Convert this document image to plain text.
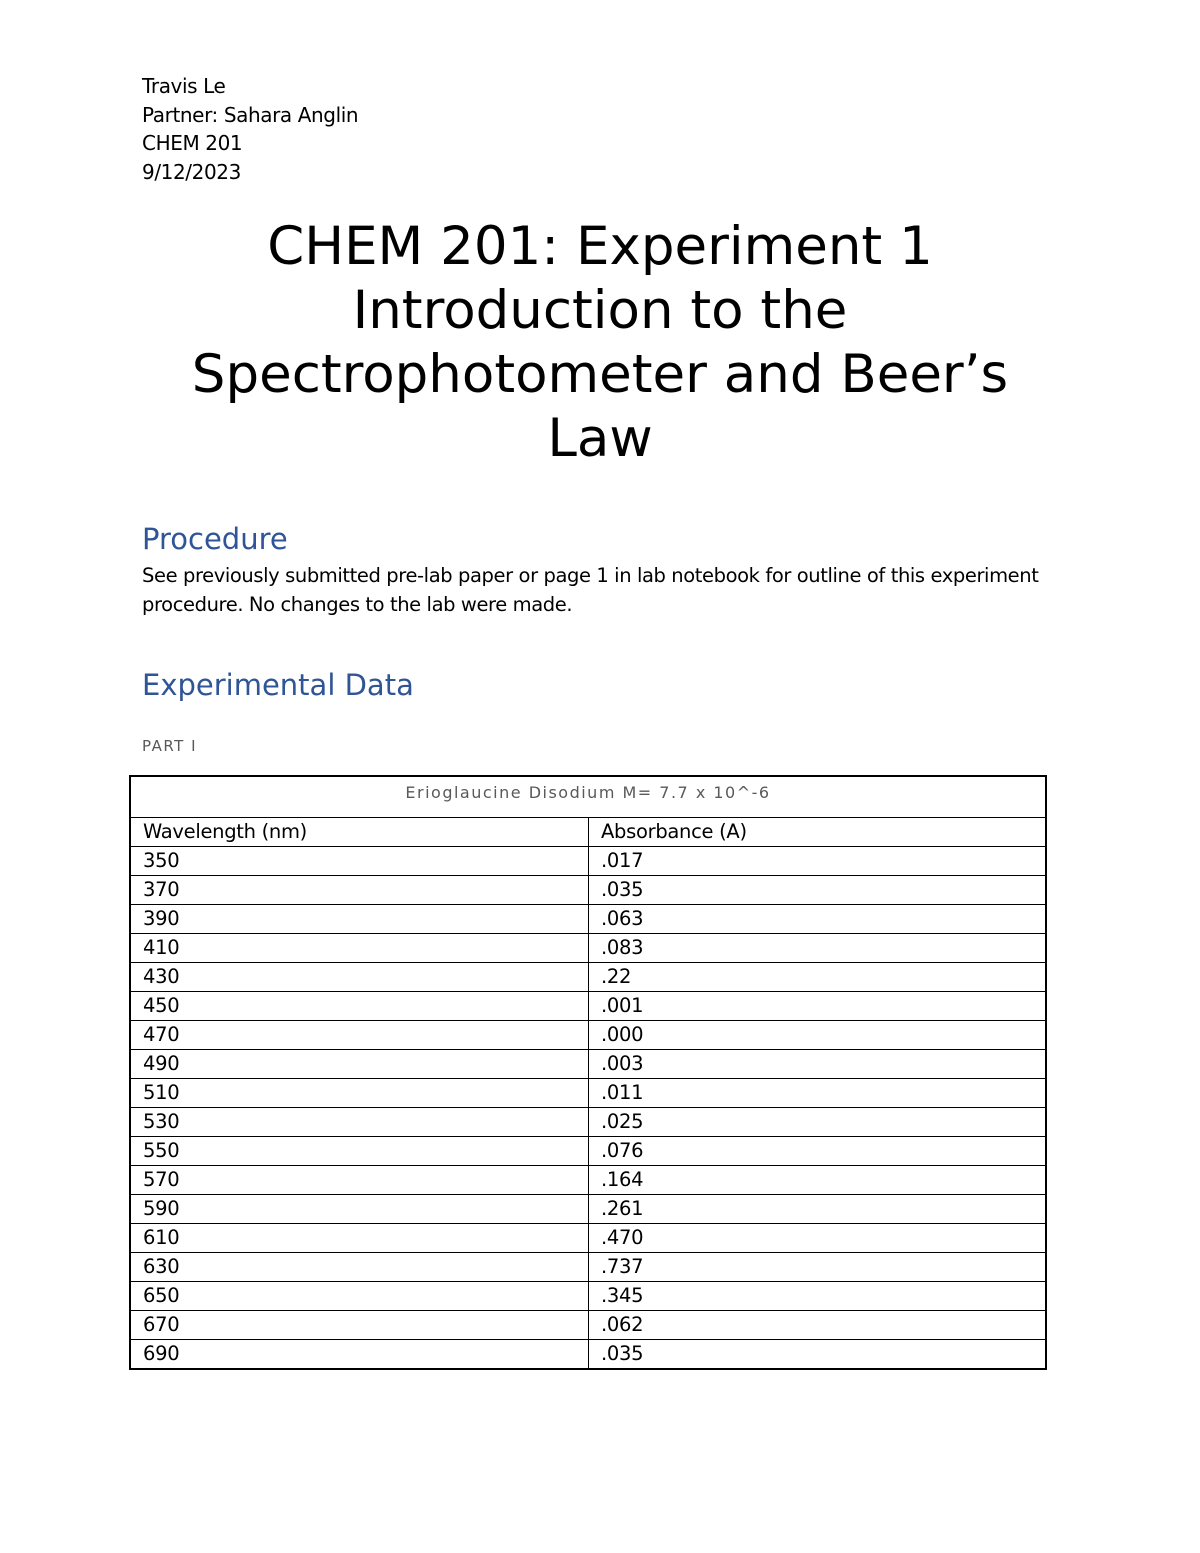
Travis Le
Partner: Sahara Anglin
CHEM 201
9/12/2023
CHEM 201: Experiment 1
Introduction to the
Spectrophotometer and Beer’s
Law
Procedure
See previously submitted pre-lab paper or page 1 in lab notebook for outline of this experiment procedure. No changes to the lab were made.
Experimental Data
PART I
Erioglaucine Disodium M= 7.7 x 10^-6	
Wavelength (nm)	Absorbance (A)
350	.017
370	.035
390	.063
410	.083
430	.22
450	.001
470	.000
490	.003
510	.011
530	.025
550	.076
570	.164
590	.261
610	.470
630	.737
650	.345
670	.062
690	.035
